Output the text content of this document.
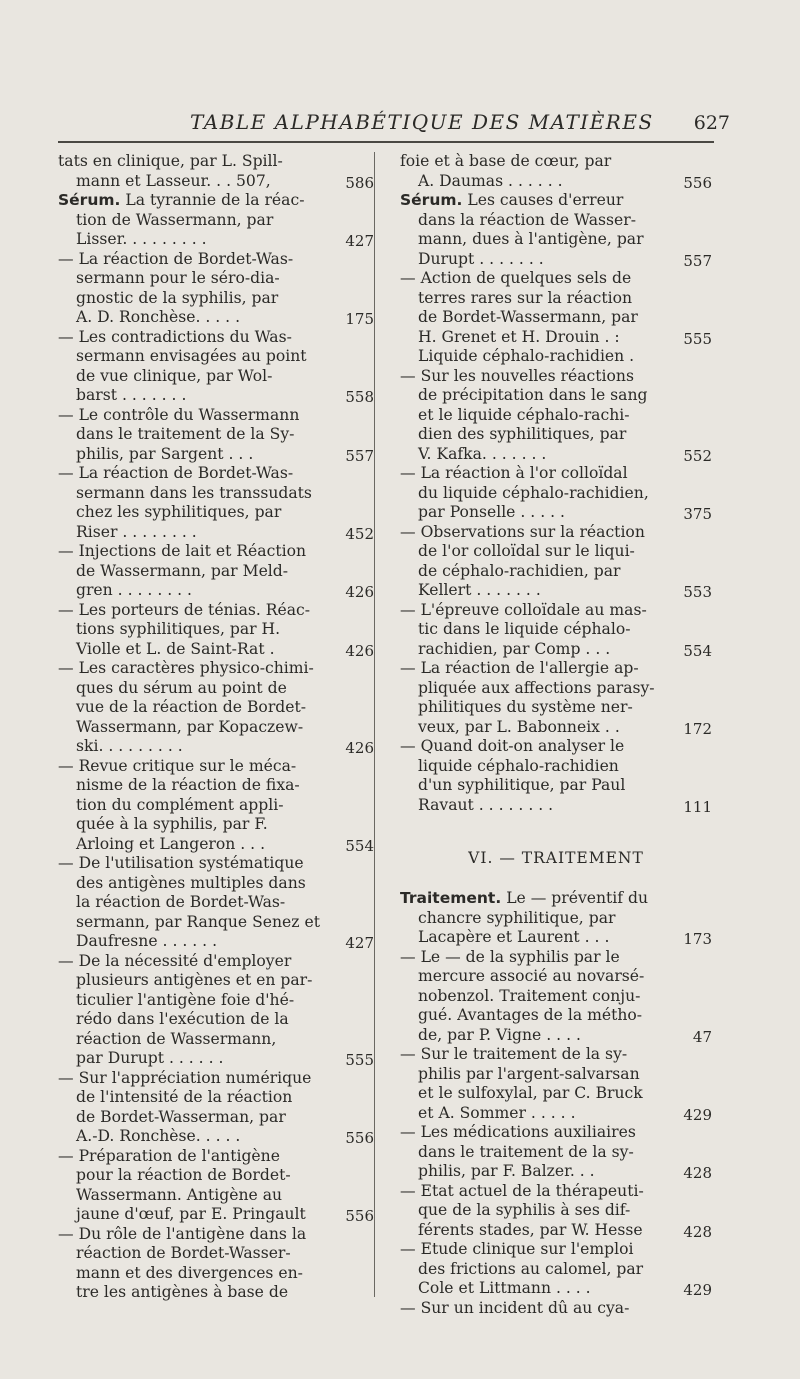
TABLE ALPHABÉTIQUE DES MATIÈRES 627
tats en clinique, par L. Spill-
mann et Lasseur. . . 507,	586
Sérum. La tyrannie de la réac-
tion de Wassermann, par
Lisser. . . . . . . . .	427
— La réaction de Bordet-Was-
sermann pour le séro-dia-
gnostic de la syphilis, par
A. D. Ronchèse. . . . .	175
— Les contradictions du Was-
sermann envisagées au point
de vue clinique, par Wol-
barst . . . . . . .	558
— Le contrôle du Wassermann
dans le traitement de la Sy-
philis, par Sargent . . .	557
— La réaction de Bordet-Was-
sermann dans les transsudats
chez les syphilitiques, par
Riser . . . . . . . .	452
— Injections de lait et Réaction
de Wassermann, par Meld-
gren . . . . . . . .	426
— Les porteurs de ténias. Réac-
tions syphilitiques, par H.
Violle et L. de Saint-Rat .	426
— Les caractères physico-chimi-
ques du sérum au point de
vue de la réaction de Bordet-
Wassermann, par Kopaczew-
ski. . . . . . . . .	426
— Revue critique sur le méca-
nisme de la réaction de fixa-
tion du complément appli-
quée à la syphilis, par F.
Arloing et Langeron . . .	554
— De l'utilisation systématique
des antigènes multiples dans
la réaction de Bordet-Was-
sermann, par Ranque Senez et
Daufresne . . . . . .	427
— De la nécessité d'employer
plusieurs antigènes et en par-
ticulier l'antigène foie d'hé-
rédo dans l'exécution de la
réaction de Wassermann,
par Durupt . . . . . .	555
— Sur l'appréciation numérique
de l'intensité de la réaction
de Bordet-Wasserman, par
A.-D. Ronchèse. . . . .	556
— Préparation de l'antigène
pour la réaction de Bordet-
Wassermann. Antigène au
jaune d'œuf, par E. Pringault	556
— Du rôle de l'antigène dans la
réaction de Bordet-Wasser-
mann et des divergences en-
tre les antigènes à base de
foie et à base de cœur, par
A. Daumas . . . . . .	556
Sérum. Les causes d'erreur
dans la réaction de Wasser-
mann, dues à l'antigène, par
Durupt . . . . . . .	557
— Action de quelques sels de
terres rares sur la réaction
de Bordet-Wassermann, par
H. Grenet et H. Drouin . :	555
Liquide céphalo-rachidien .
— Sur les nouvelles réactions
de précipitation dans le sang
et le liquide céphalo-rachi-
dien des syphilitiques, par
V. Kafka. . . . . . .	552
— La réaction à l'or colloïdal
du liquide céphalo-rachidien,
par Ponselle . . . . .	375
— Observations sur la réaction
de l'or colloïdal sur le liqui-
de céphalo-rachidien, par
Kellert . . . . . . .	553
— L'épreuve colloïdale au mas-
tic dans le liquide céphalo-
rachidien, par Comp . . .	554
— La réaction de l'allergie ap-
pliquée aux affections parasy-
philitiques du système ner-
veux, par L. Babonneix . .	172
— Quand doit-on analyser le
liquide céphalo-rachidien
d'un syphilitique, par Paul
Ravaut . . . . . . . .	111
VI. — TRAITEMENT
Traitement. Le — préventif du
chancre syphilitique, par
Lacapère et Laurent . . .	173
— Le — de la syphilis par le
mercure associé au novarsé-
nobenzol. Traitement conju-
gué. Avantages de la métho-
de, par P. Vigne . . . .	47
— Sur le traitement de la sy-
philis par l'argent-salvarsan
et le sulfoxylal, par C. Bruck
et A. Sommer . . . . .	429
— Les médications auxiliaires
dans le traitement de la sy-
philis, par F. Balzer. . .	428
— Etat actuel de la thérapeuti-
que de la syphilis à ses dif-
férents stades, par W. Hesse	428
— Etude clinique sur l'emploi
des frictions au calomel, par
Cole et Littmann . . . .	429
— Sur un incident dû au cya-
